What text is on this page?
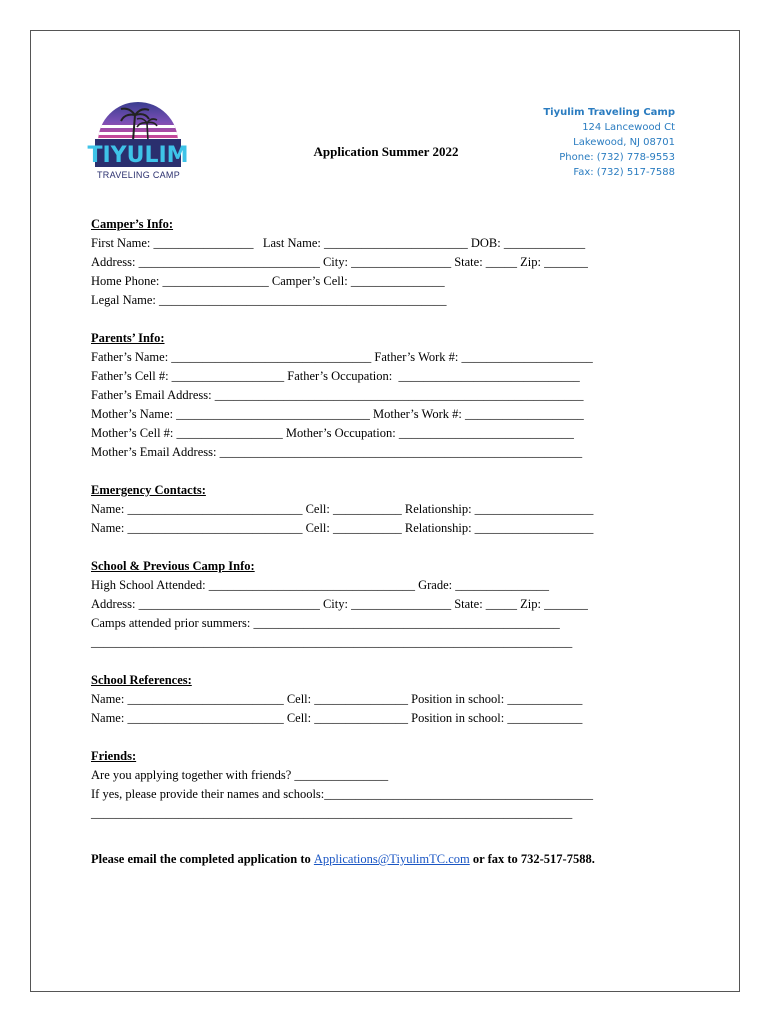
TIYULIM
TRAVELING CAMP
Application Summer 2022
Tiyulim Traveling Camp
124 Lancewood Ct
Lakewood, NJ 08701
Phone: (732) 778-9553
Fax: (732) 517-7588

Camper’s Info:

First Name: ________________   Last Name: _______________________ DOB: _____________

Address: _____________________________ City: ________________ State: _____ Zip: _______

Home Phone: _________________ Camper’s Cell: _______________

Legal Name: ______________________________________________

Parents’ Info:

Father’s Name: ________________________________ Father’s Work #: _____________________

Father’s Cell #: __________________ Father’s Occupation:  _____________________________

Father’s Email Address: ___________________________________________________________

Mother’s Name: _______________________________ Mother’s Work #: ___________________

Mother’s Cell #: _________________ Mother’s Occupation: ____________________________

Mother’s Email Address: __________________________________________________________

Emergency Contacts:

Name: ____________________________ Cell: ___________ Relationship: ___________________

Name: ____________________________ Cell: ___________ Relationship: ___________________

School & Previous Camp Info:

High School Attended: _________________________________ Grade: _______________

Address: _____________________________ City: ________________ State: _____ Zip: _______

Camps attended prior summers: _________________________________________________

_____________________________________________________________________________

School References:

Name: _________________________ Cell: _______________ Position in school: ____________

Name: _________________________ Cell: _______________ Position in school: ____________

Friends:

Are you applying together with friends? _______________

If yes, please provide their names and schools:___________________________________________

_____________________________________________________________________________

Please email the completed application to Applications@TiyulimTC.com or fax to 732-517-7588.
